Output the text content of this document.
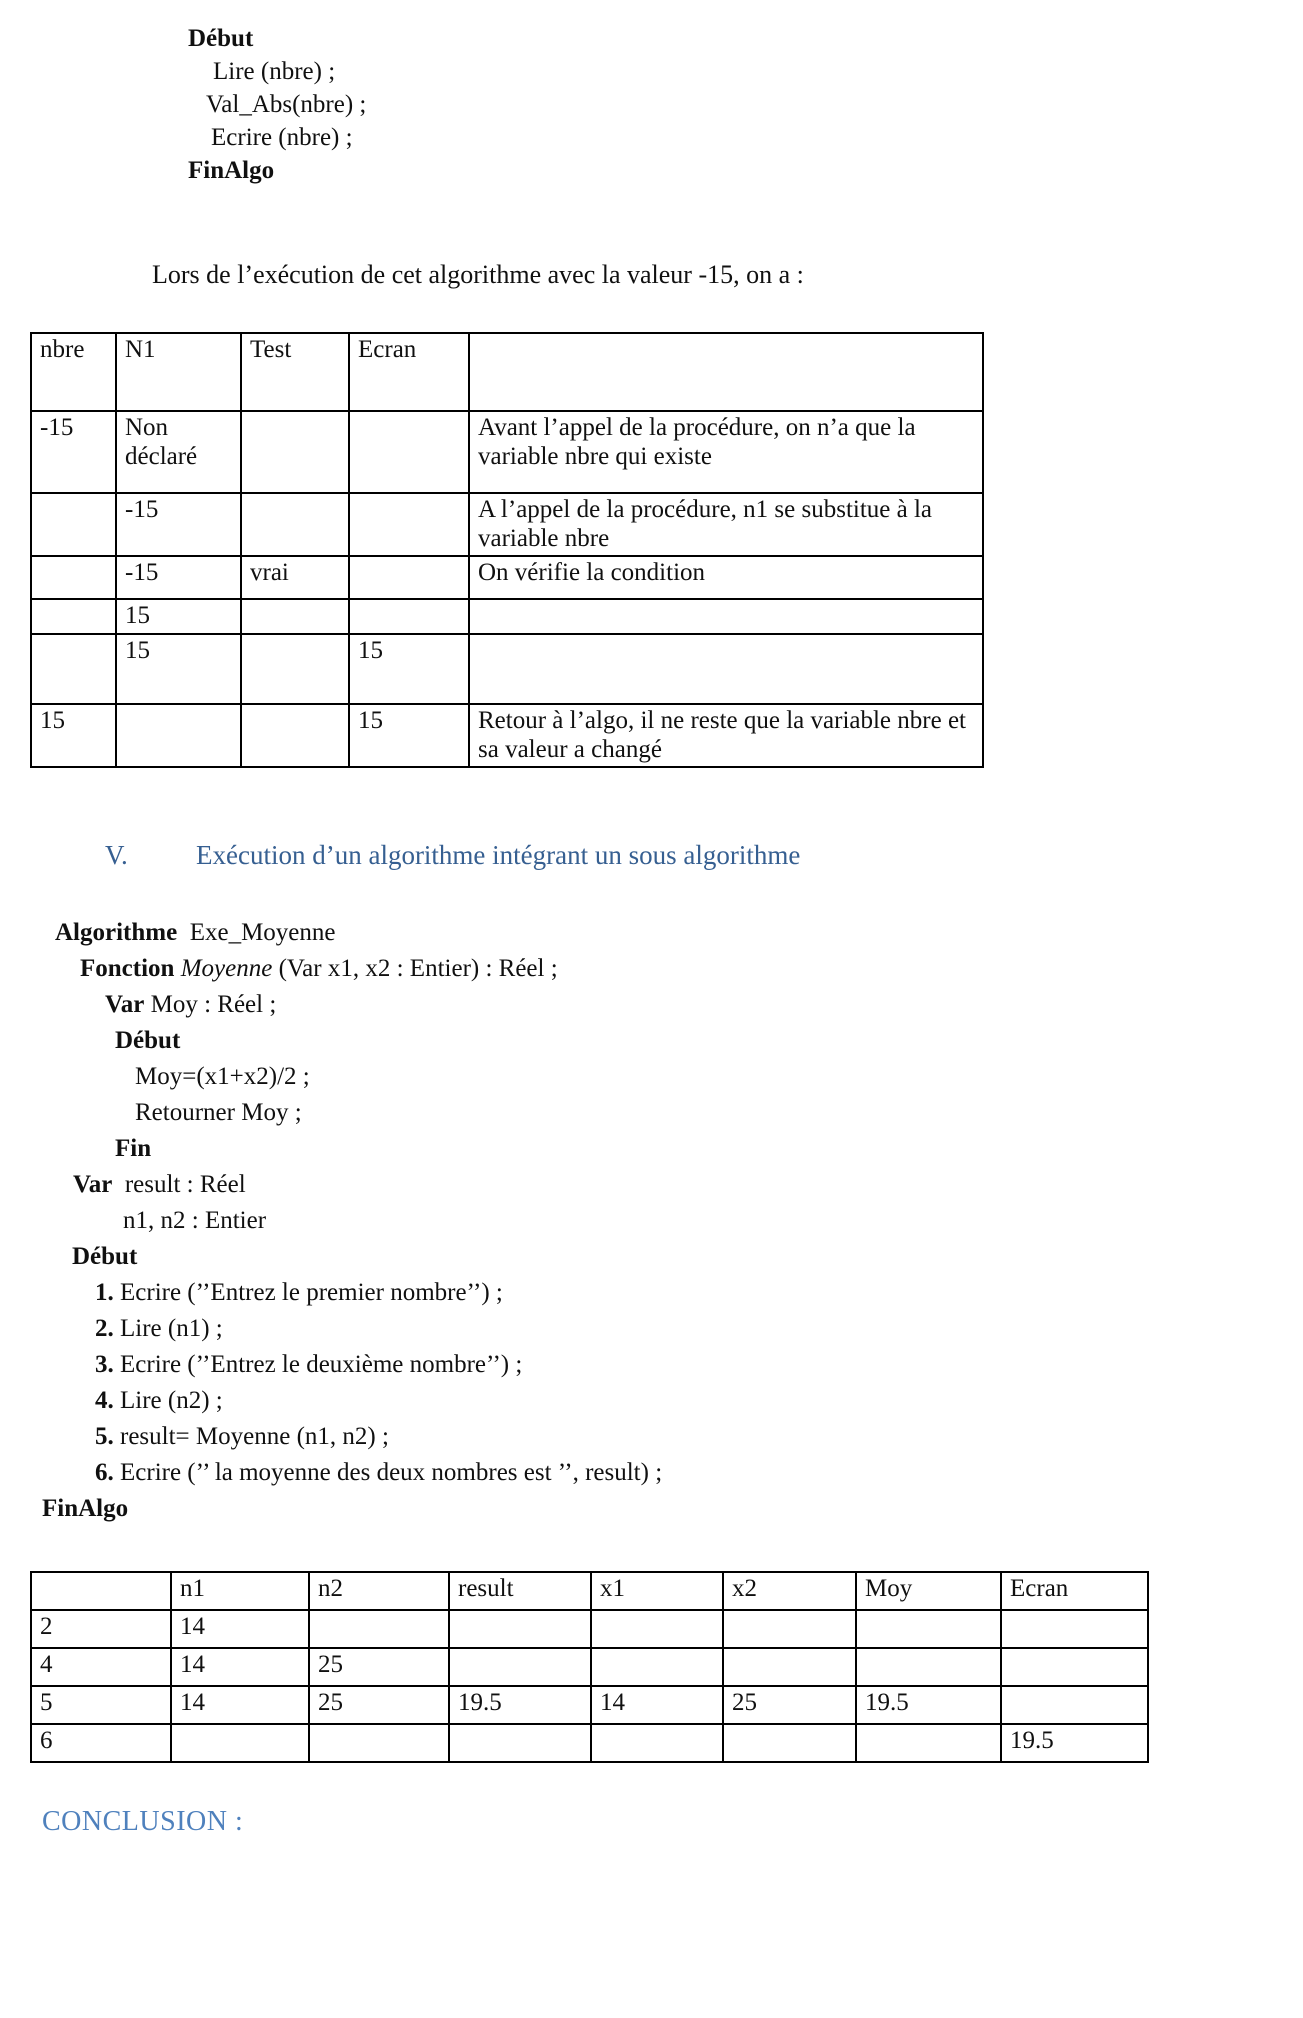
Début
Lire (nbre) ;
Val_Abs(nbre) ;
Ecrire (nbre) ;
FinAlgo

Lors de l’exécution de cet algorithme avec la valeur -15, on a :

nbre	N1	Test	Ecran	
-15	Non déclaré			Avant l’appel de la procédure, on n’a que la variable nbre qui existe
	-15			A l’appel de la procédure, n1 se substitue à la variable nbre
	-15	vrai		On vérifie la condition
	15			
	15		15	
15			15	Retour à l’algo, il ne reste que la variable nbre et sa valeur a changé
V.	Exécution d’un algorithme intégrant un sous algorithme
Algorithme  Exe_Moyenne
Fonction Moyenne (Var x1, x2 : Entier) : Réel ;
Var Moy : Réel ;
Début
Moy=(x1+x2)/2 ;
Retourner Moy ;
Fin
Var  result : Réel
n1, n2 : Entier
Début
1. Ecrire (’’Entrez le premier nombre’’) ;
2. Lire (n1) ;
3. Ecrire (’’Entrez le deuxième nombre’’) ;
4. Lire (n2) ;
5. result= Moyenne (n1, n2) ;
6. Ecrire (’’ la moyenne des deux nombres est ’’, result) ;
FinAlgo
	n1	n2	result	x1	x2	Moy	Ecran
2	14						
4	14	25					
5	14	25	19.5	14	25	19.5	
6							19.5
CONCLUSION :
